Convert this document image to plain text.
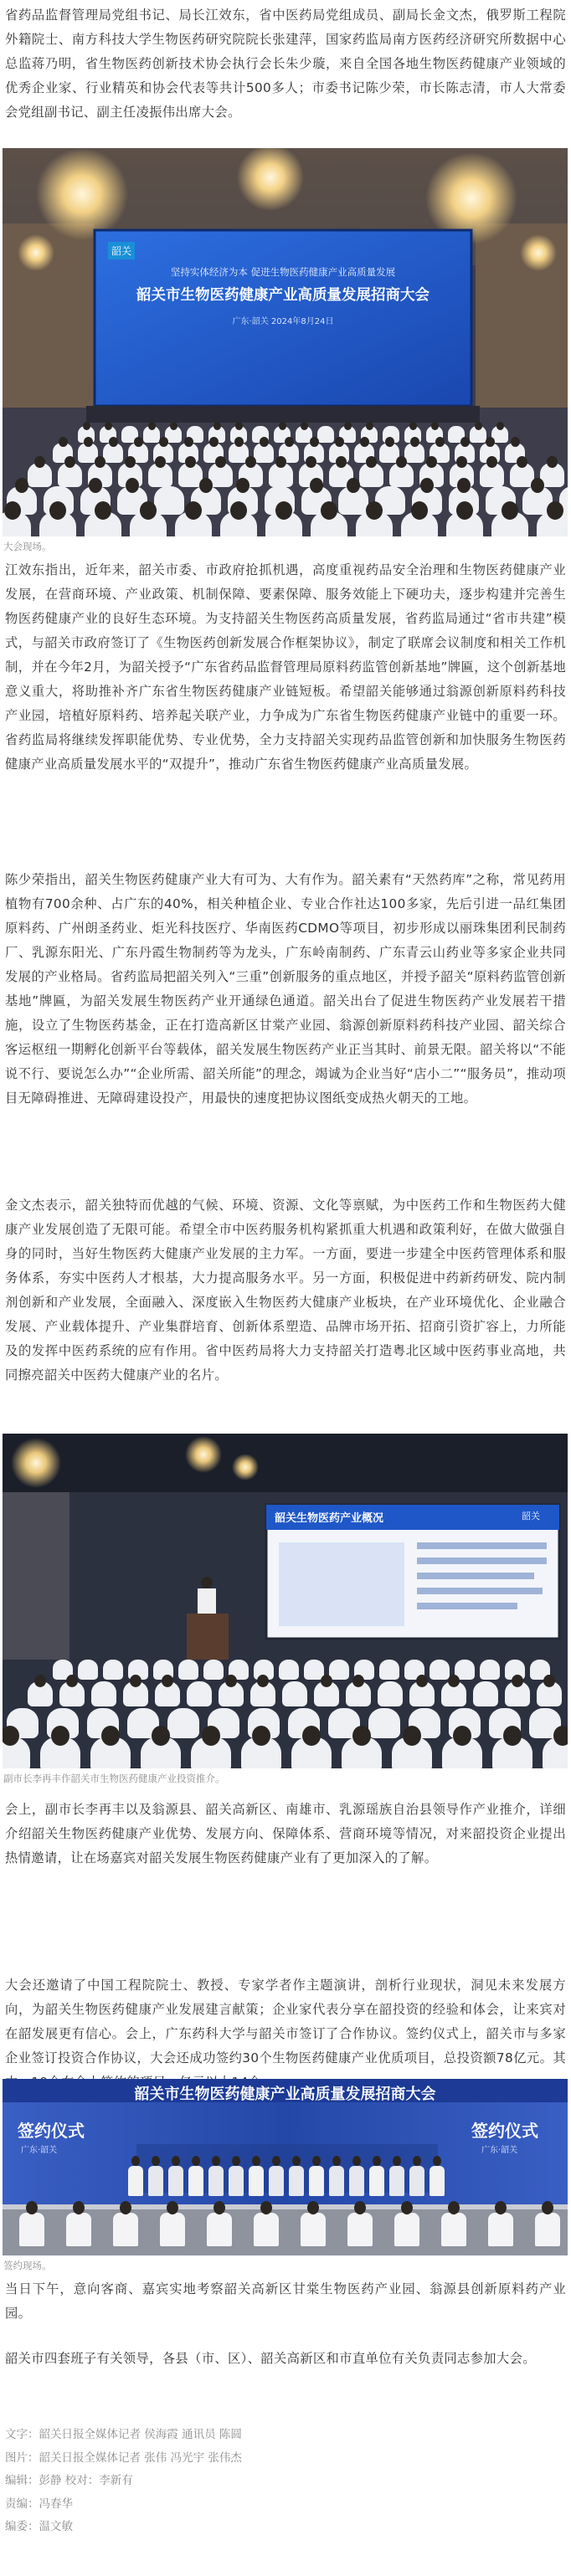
省药品监督管理局党组书记、局长江效东，省中医药局党组成员、副局长金文杰，俄罗斯工程院外籍院士、南方科技大学生物医药研究院院长张建萍，国家药监局南方医药经济研究所数据中心总监蒋乃明，省生物医药创新技术协会执行会长朱少璇，来自全国各地生物医药健康产业领域的优秀企业家、行业精英和协会代表等共计500多人；市委书记陈少荣，市长陈志清，市人大常委会党组副书记、副主任凌振伟出席大会。

韶关
坚持实体经济为本 促进生物医药健康产业高质量发展
韶关市生物医药健康产业高质量发展招商大会
广东·韶关 2024年8月24日
大会现场。

江效东指出，近年来，韶关市委、市政府抢抓机遇，高度重视药品安全治理和生物医药健康产业发展，在营商环境、产业政策、机制保障、要素保障、服务效能上下硬功夫，逐步构建并完善生物医药健康产业的良好生态环境。为支持韶关生物医药高质量发展，省药监局通过“省市共建”模式，与韶关市政府签订了《生物医药创新发展合作框架协议》，制定了联席会议制度和相关工作机制，并在今年2月，为韶关授予“广东省药品监督管理局原料药监管创新基地”牌匾，这个创新基地意义重大，将助推补齐广东省生物医药健康产业链短板。希望韶关能够通过翁源创新原料药科技产业园，培植好原料药、培养起关联产业，力争成为广东省生物医药健康产业链中的重要一环。省药监局将继续发挥职能优势、专业优势，全力支持韶关实现药品监管创新和加快服务生物医药健康产业高质量发展水平的“双提升”，推动广东省生物医药健康产业高质量发展。

陈少荣指出，韶关生物医药健康产业大有可为、大有作为。韶关素有“天然药库”之称，常见药用植物有700余种、占广东的40%，相关种植企业、专业合作社达100多家，先后引进一品红集团原料药、广州朗圣药业、炬光科技医疗、华南医药CDMO等项目，初步形成以丽珠集团利民制药厂、乳源东阳光、广东丹霞生物制药等为龙头，广东岭南制药、广东青云山药业等多家企业共同发展的产业格局。省药监局把韶关列入“三重”创新服务的重点地区，并授予韶关“原料药监管创新基地”牌匾，为韶关发展生物医药产业开通绿色通道。韶关出台了促进生物医药产业发展若干措施，设立了生物医药基金，正在打造高新区甘棠产业园、翁源创新原料药科技产业园、韶关综合客运枢纽一期孵化创新平台等载体，韶关发展生物医药产业正当其时、前景无限。韶关将以“不能说不行、要说怎么办”“企业所需、韶关所能”的理念，竭诚为企业当好“店小二”“服务员”，推动项目无障碍推进、无障碍建设投产，用最快的速度把协议图纸变成热火朝天的工地。

金文杰表示，韶关独特而优越的气候、环境、资源、文化等禀赋，为中医药工作和生物医药大健康产业发展创造了无限可能。希望全市中医药服务机构紧抓重大机遇和政策利好，在做大做强自身的同时，当好生物医药大健康产业发展的主力军。一方面，要进一步建全中医药管理体系和服务体系，夯实中医药人才根基，大力提高服务水平。另一方面，积极促进中药新药研发、院内制剂创新和产业发展，全面融入、深度嵌入生物医药大健康产业板块，在产业环境优化、企业融合发展、产业载体提升、产业集群培育、创新体系塑造、品牌市场开拓、招商引资扩容上，力所能及的发挥中医药系统的应有作用。省中医药局将大力支持韶关打造粤北区域中医药事业高地，共同擦亮韶关中医药大健康产业的名片。

韶关生物医药产业概况	韶关
副市长李再丰作韶关市生物医药健康产业投资推介。

会上，副市长李再丰以及翁源县、韶关高新区、南雄市、乳源瑶族自治县领导作产业推介，详细介绍韶关生物医药健康产业优势、发展方向、保障体系、营商环境等情况，对来韶投资企业提出热情邀请，让在场嘉宾对韶关发展生物医药健康产业有了更加深入的了解。

大会还邀请了中国工程院院士、教授、专家学者作主题演讲，剖析行业现状，洞见未来发展方向，为韶关生物医药健康产业发展建言献策；企业家代表分享在韶投资的经验和体会，让来宾对在韶发展更有信心。会上，广东药科大学与韶关市签订了合作协议。签约仪式上，韶关市与多家企业签订投资合作协议，大会还成功签约30个生物医药健康产业优质项目，总投资额78亿元。其

韶关市生物医药健康产业高质量发展招商大会
签约仪式
广东·韶关
签约仪式
广东·韶关
签约现场。

当日下午，意向客商、嘉宾实地考察韶关高新区甘棠生物医药产业园、翁源县创新原料药产业园。

韶关市四套班子有关领导，各县（市、区）、韶关高新区和市直单位有关负责同志参加大会。

文字：韶关日报全媒体记者 侯海霞 通讯员 陈圆
图片：韶关日报全媒体记者 张伟 冯光宇 张伟杰
编辑：彭静 校对：李新有
责编：冯春华
编委：温文敏
